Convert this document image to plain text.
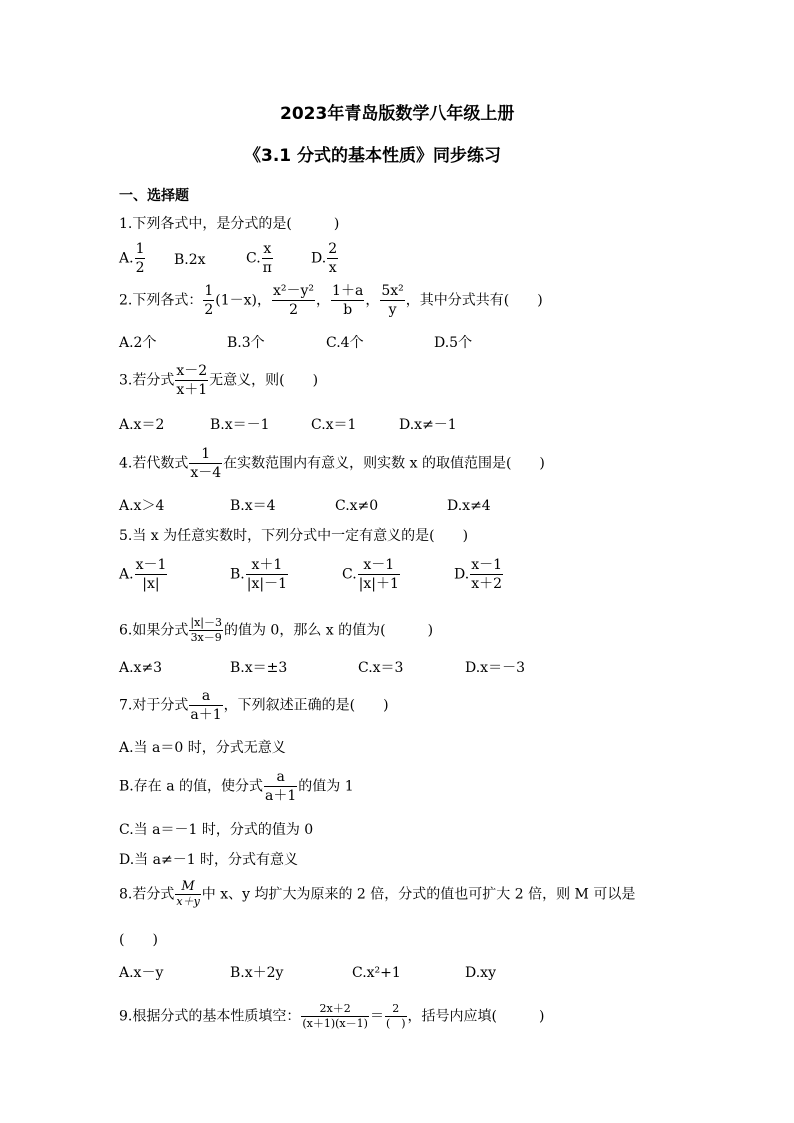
2023年青岛版数学八年级上册
《3.1 分式的基本性质》同步练习
一、选择题
1.下列各式中，是分式的是(　　　)
A. $\frac{1}{2} B.2x$	C. $\frac{x}{\pi}$	D. $\frac{2}{x}$
2.下列各式： $\frac{1}{2} (1-x)$， $\frac{\text{x²－y²}}{2}$ ， $\frac{1+a}{b}$ ， $\frac{\text{5x²}}{y}$ ，其中分式共有(　　)
A.2个	B.3个	C.4个	D.5个
3.若分式 $\frac{x-2}{x+1}$ 无意义，则(　　)
A.x＝2	B.x＝－1	C.x＝1	D.x≠－1
4.若代数式 $\frac{1}{x-4}$ 在实数范围内有意义，则实数 x 的取值范围是(　　)
A.x＞4	B.x＝4	C.x≠0	D.x≠4
5.当 x 为任意实数时，下列分式中一定有意义的是(　　)
A. $\frac{x-1}{|x|}$	B. $\frac{x+1}{|x|-1}$	C. $\frac{x-1}{|x|+1}$	D. $\frac{x-1}{x+2}$
6.如果分式 $\frac{|x|-3}{3x-9}$ 的值为 0，那么 x 的值为(　　　)
A.x≠3	B.x＝±3	C.x＝3	D.x＝－3
7.对于分式 $\frac{a}{a+1}$ ，下列叙述正确的是(　　)
A.当 a＝0 时，分式无意义
B.存在 a 的值，使分式 $\frac{a}{a+1}$ 的值为 1
C.当 a＝－1 时，分式的值为 0
D.当 a≠－1 时，分式有意义
8.若分式 $\frac{M}{x+y}$ 中 x、y 均扩大为原来的 2 倍，分式的值也可扩大 2 倍，则 M 可以是
(　　)
A.x－y	B.x＋2y	C.x²+1	D.xy
9.根据分式的基本性质填空： $\frac{2x+2}{(x+1)(x-1)} = \frac{2}{( )}$ ，括号内应填(　　　)
